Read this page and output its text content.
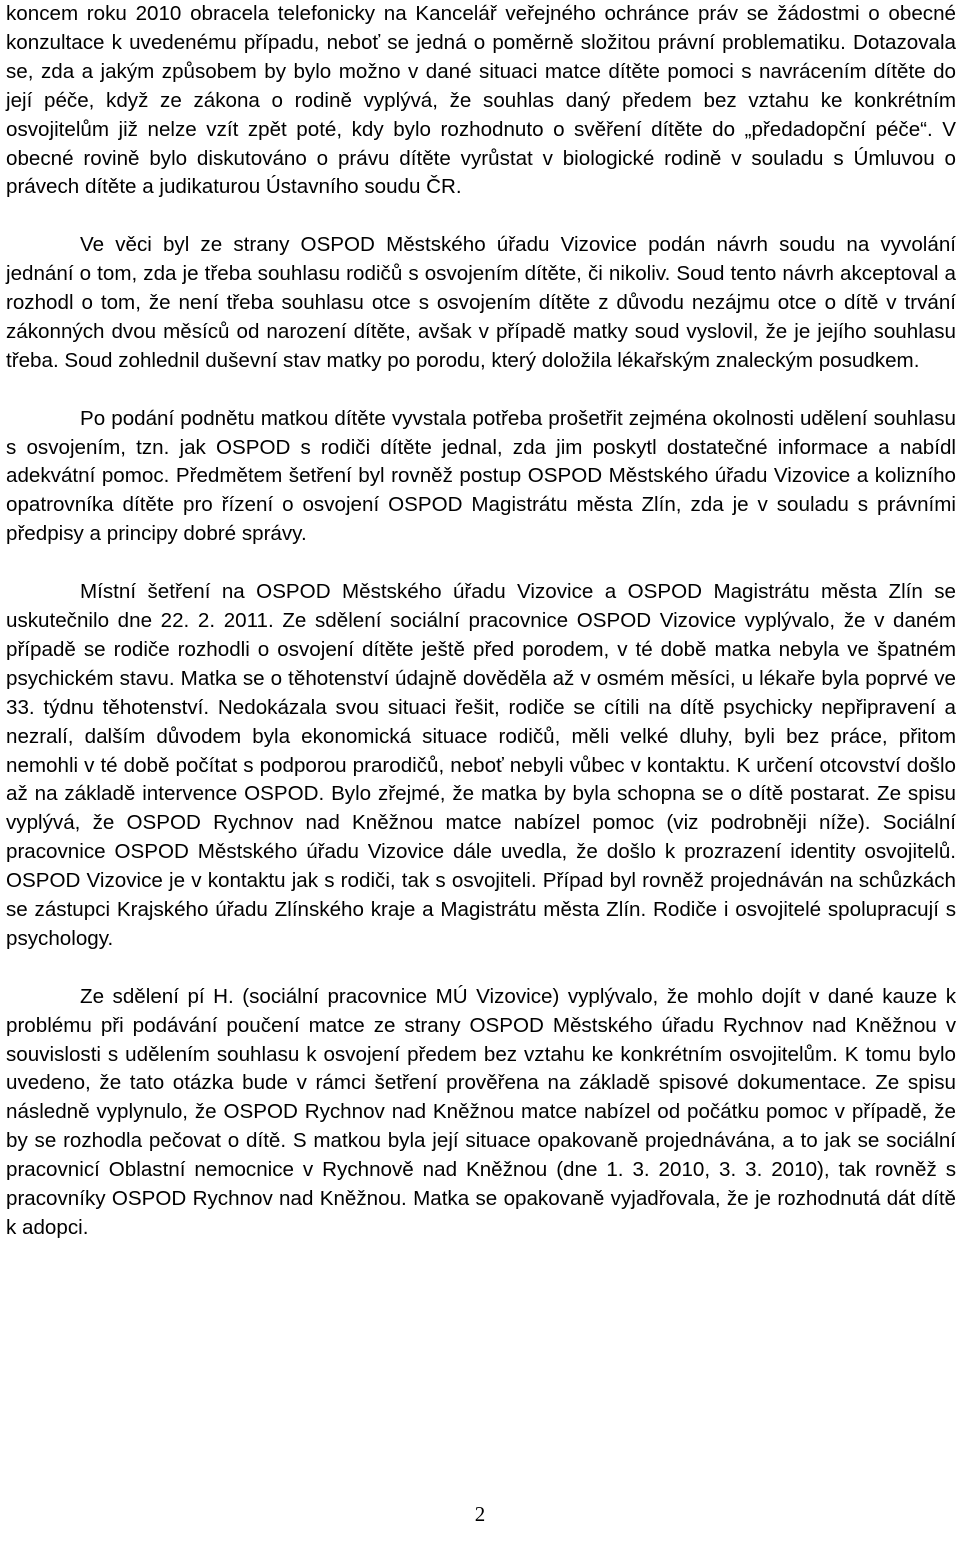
koncem roku 2010 obracela telefonicky na Kancelář veřejného ochránce práv se žádostmi o obecné konzultace k uvedenému případu, neboť se jedná o poměrně složitou právní problematiku. Dotazovala se, zda a jakým způsobem by bylo možno v dané situaci matce dítěte pomoci s navrácením dítěte do její péče, když ze zákona o rodině vyplývá, že souhlas daný předem bez vztahu ke konkrétním osvojitelům již nelze vzít zpět poté, kdy bylo rozhodnuto o svěření dítěte do „předadopční péče“. V obecné rovině bylo diskutováno o právu dítěte vyrůstat v biologické rodině v souladu s Úmluvou o právech dítěte a judikaturou Ústavního soudu ČR.

Ve věci byl ze strany OSPOD Městského úřadu Vizovice podán návrh soudu na vyvolání jednání o tom, zda je třeba souhlasu rodičů s osvojením dítěte, či nikoliv. Soud tento návrh akceptoval a rozhodl o tom, že není třeba souhlasu otce s osvojením dítěte z důvodu nezájmu otce o dítě v trvání zákonných dvou měsíců od narození dítěte, avšak v případě matky soud vyslovil, že je jejího souhlasu třeba. Soud zohlednil duševní stav matky po porodu, který doložila lékařským znaleckým posudkem.

Po podání podnětu matkou dítěte vyvstala potřeba prošetřit zejména okolnosti udělení souhlasu s osvojením, tzn. jak OSPOD s rodiči dítěte jednal, zda jim poskytl dostatečné informace a nabídl adekvátní pomoc. Předmětem šetření byl rovněž postup OSPOD Městského úřadu Vizovice a kolizního opatrovníka dítěte pro řízení o osvojení OSPOD Magistrátu města Zlín, zda je v souladu s právními předpisy a principy dobré správy.

Místní šetření na OSPOD Městského úřadu Vizovice a OSPOD Magistrátu města Zlín se uskutečnilo dne 22. 2. 2011. Ze sdělení sociální pracovnice OSPOD Vizovice vyplývalo, že v daném případě se rodiče rozhodli o osvojení dítěte ještě před porodem, v té době matka nebyla ve špatném psychickém stavu. Matka se o těhotenství údajně dověděla až v osmém měsíci, u lékaře byla poprvé ve 33. týdnu těhotenství. Nedokázala svou situaci řešit, rodiče se cítili na dítě psychicky nepřipravení a nezralí, dalším důvodem byla ekonomická situace rodičů, měli velké dluhy, byli bez práce, přitom nemohli v té době počítat s podporou prarodičů, neboť nebyli vůbec v kontaktu. K určení otcovství došlo až na základě intervence OSPOD. Bylo zřejmé, že matka by byla schopna se o dítě postarat. Ze spisu vyplývá, že OSPOD Rychnov nad Kněžnou matce nabízel pomoc (viz podrobněji níže). Sociální pracovnice OSPOD Městského úřadu Vizovice dále uvedla, že došlo k prozrazení identity osvojitelů. OSPOD Vizovice je v kontaktu jak s rodiči, tak s osvojiteli. Případ byl rovněž projednáván na schůzkách se zástupci Krajského úřadu Zlínského kraje a Magistrátu města Zlín. Rodiče i osvojitelé spolupracují s psychology.

Ze sdělení pí H. (sociální pracovnice MÚ Vizovice) vyplývalo, že mohlo dojít v dané kauze k problému při podávání poučení matce ze strany OSPOD Městského úřadu Rychnov nad Kněžnou v souvislosti s udělením souhlasu k osvojení předem bez vztahu ke konkrétním osvojitelům. K tomu bylo uvedeno, že tato otázka bude v rámci šetření prověřena na základě spisové dokumentace. Ze spisu následně vyplynulo, že OSPOD Rychnov nad Kněžnou matce nabízel od počátku pomoc v případě, že by se rozhodla pečovat o dítě. S matkou byla její situace opakovaně projednávána, a to jak se sociální pracovnicí Oblastní nemocnice v Rychnově nad Kněžnou (dne 1. 3. 2010, 3. 3. 2010), tak rovněž s pracovníky OSPOD Rychnov nad Kněžnou. Matka se opakovaně vyjadřovala, že je rozhodnutá dát dítě k adopci.

2
